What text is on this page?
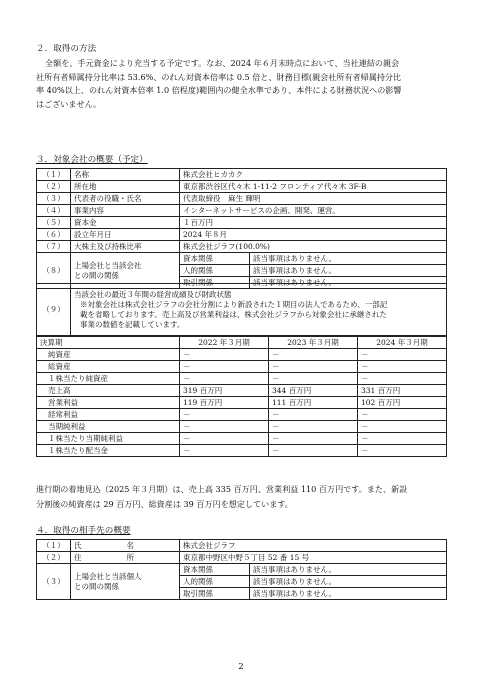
２．取得の方法
全額を、手元資金により充当する予定です。なお、2024 年６月末時点において、当社連結の親会
社所有者帰属持分比率は 53.6%、のれん対資本倍率は 0.5 倍と、財務目標(親会社所有者帰属持分比
率 40%以上、のれん対資本倍率 1.0 倍程度)範囲内の健全水準であり、本件による財務状況への影響
はございません。
３．対象会社の概要（予定）
（１）	名称	株式会社ヒカカク	
（２）	所在地	東京都渋谷区代々木 1-11-2 フロンティア代々木 3F-B	
（３）	代表者の役職・氏名	代表取締役　麻生 輝明	
（４）	事業内容	インターネットサービスの企画、開発、運営。	
（５）	資本金	１百万円	
（６）	設立年月日	2024 年８月	
（７）	大株主及び持株比率	株式会社ジラフ(100.0%)	
（８）	上場会社と当該会社
との間の関係	資本関係	該当事項はありません。
		人的関係	該当事項はありません。
		取引関係	該当事項はありません。
（９）	
当該会社の最近３年間の経営成績及び財政状態
※対象会社は株式会社ジラフの会社分割により新設された１期目の法人であるため、一部記
載を省略しております。売上高及び営業利益は、株式会社ジラフから対象会社に承継された
事業の数値を記載しています。
決算期	2022 年３月期	2023 年３月期	2024 年３月期
純資産	－	－	－
総資産	－	－	－
１株当たり純資産	－	－	－
売上高	319 百万円	344 百万円	331 百万円
営業利益	119 百万円	111 百万円	102 百万円
経常利益	－	－	－
当期純利益	－	－	－
１株当たり当期純利益	－	－	－
１株当たり配当金	－	－	－
進行期の着地見込（2025 年３月期）は、売上高 335 百万円、営業利益 110 百万円です。また、新設
分割後の純資産は 29 百万円、総資産は 39 百万円を想定しています。
４．取得の相手先の概要
（１）	氏　　　　　　名	株式会社ジラフ	
（２）	住　　　　　　所	東京都中野区中野５丁目 52 番 15 号	
（３）	上場会社と当該個人
との間の関係	資本関係	該当事項はありません。
		人的関係	該当事項はありません。
		取引関係	該当事項はありません。
2
